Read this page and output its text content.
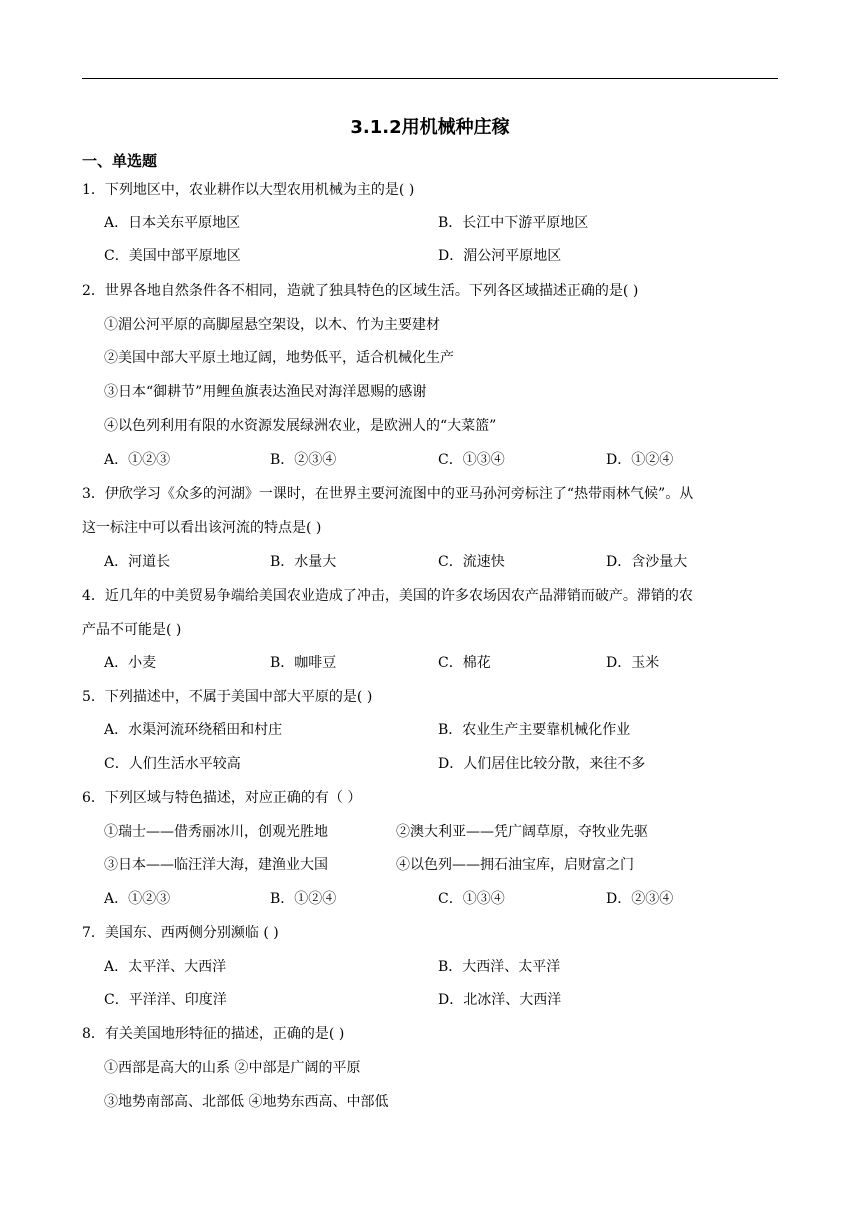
3.1.2用机械种庄稼
一、单选题
1．下列地区中，农业耕作以大型农用机械为主的是( )
A．日本关东平原地区	B．长江中下游平原地区
C．美国中部平原地区	D．湄公河平原地区
2．世界各地自然条件各不相同，造就了独具特色的区域生活。下列各区域描述正确的是( )
①湄公河平原的高脚屋悬空架设，以木、竹为主要建材
②美国中部大平原土地辽阔，地势低平，适合机械化生产
③日本“御耕节”用鲤鱼旗表达渔民对海洋恩赐的感谢
④以色列利用有限的水资源发展绿洲农业，是欧洲人的“大菜篮”
A．①②③	B．②③④	C．①③④	D．①②④
3．伊欣学习《众多的河湖》一课时，在世界主要河流图中的亚马孙河旁标注了“热带雨林气候”。从
这一标注中可以看出该河流的特点是( )
A．河道长	B．水量大	C．流速快	D．含沙量大
4．近几年的中美贸易争端给美国农业造成了冲击，美国的许多农场因农产品滞销而破产。滞销的农
产品不可能是( )
A．小麦	B．咖啡豆	C．棉花	D．玉米
5．下列描述中，不属于美国中部大平原的是( )
A．水渠河流环绕稻田和村庄	B．农业生产主要靠机械化作业
C．人们生活水平较高	D．人们居住比较分散，来往不多
6．下列区域与特色描述，对应正确的有（ ）
①瑞士——借秀丽冰川，创观光胜地	②澳大利亚——凭广阔草原，夺牧业先驱
③日本——临汪洋大海，建渔业大国	④以色列——拥石油宝库，启财富之门
A．①②③	B．①②④	C．①③④	D．②③④
7．美国东、西两侧分别濒临 ( )
A．太平洋、大西洋	B．大西洋、太平洋
C．平洋洋、印度洋	D．北冰洋、大西洋
8．有关美国地形特征的描述，正确的是( )
①西部是高大的山系 ②中部是广阔的平原
③地势南部高、北部低 ④地势东西高、中部低
